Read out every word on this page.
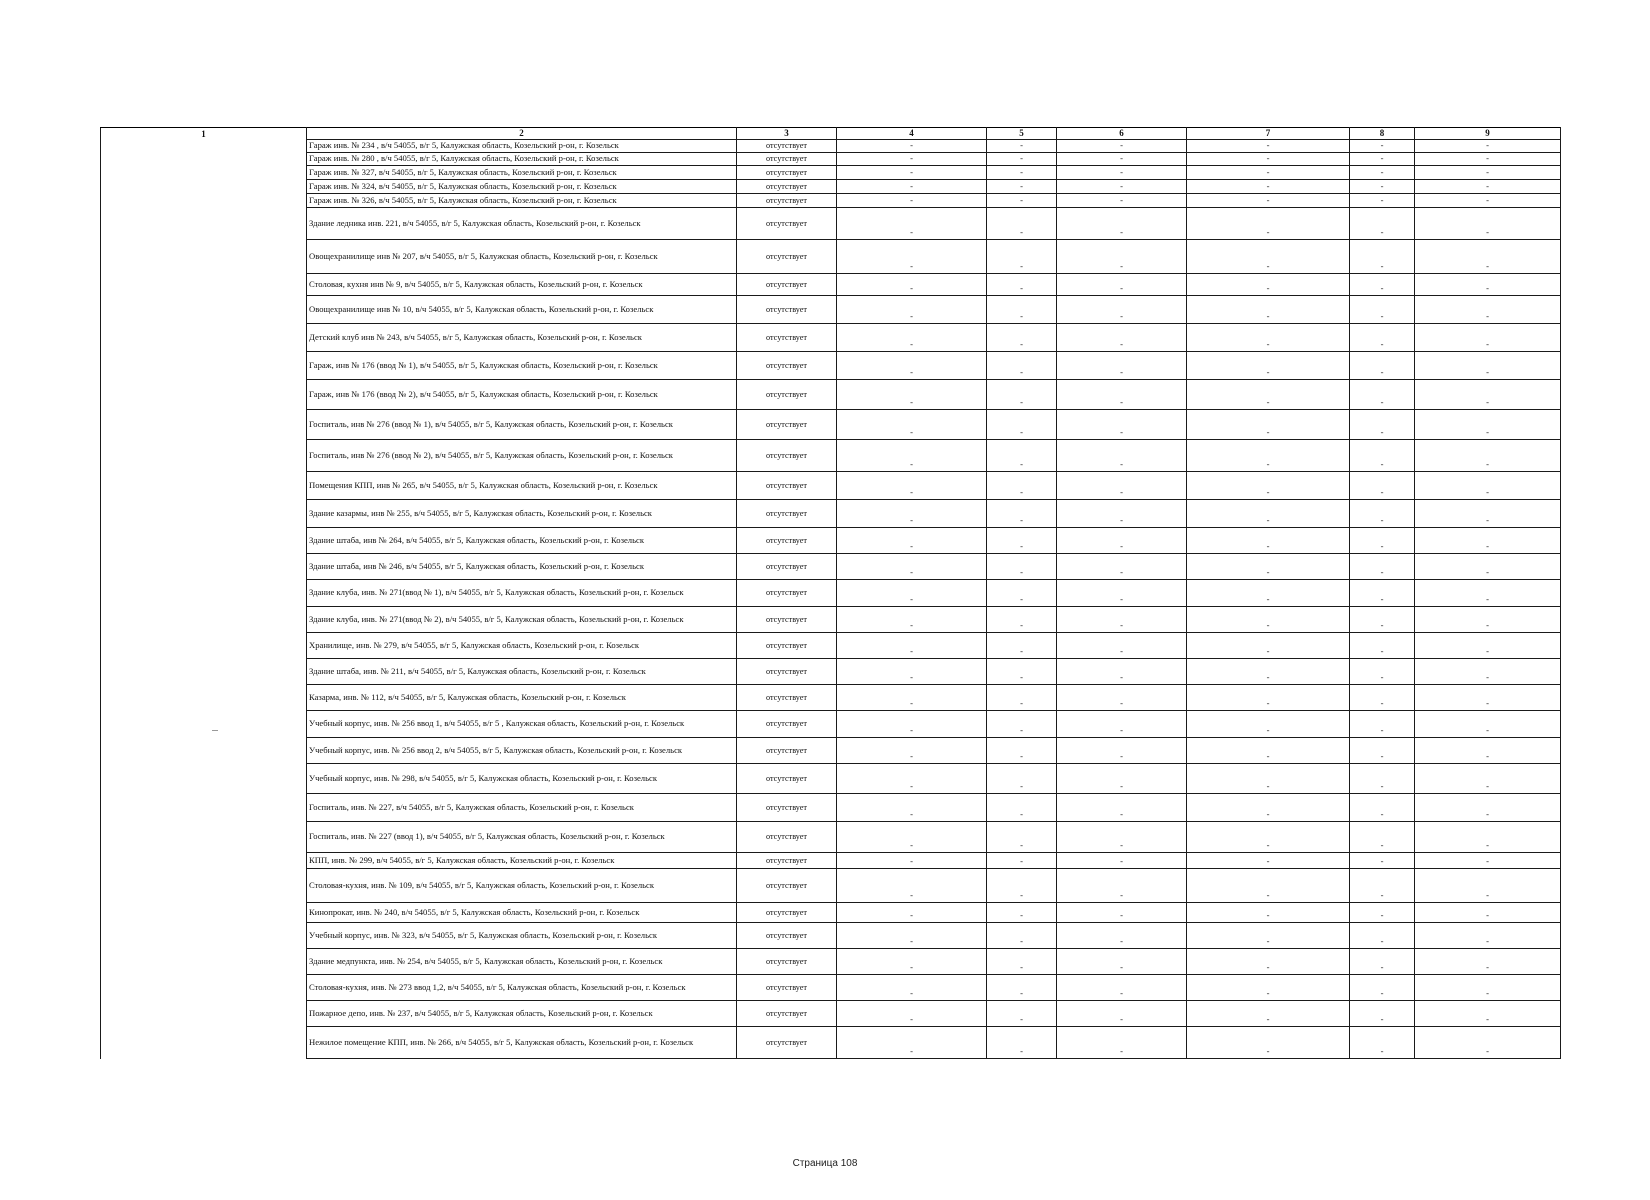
1	2	3	4	5	6	7	8	9
	Гараж инв. № 234 , в/ч 54055, в/г 5, Калужская область, Козельский р-он, г. Козельск	отсутствует	-	-	-	-	-	-
	Гараж инв. № 280 , в/ч 54055, в/г 5, Калужская область, Козельский р-он, г. Козельск	отсутствует	-	-	-	-	-	-
	Гараж инв. № 327, в/ч 54055, в/г 5, Калужская область, Козельский р-он, г. Козельск	отсутствует	-	-	-	-	-	-
	Гараж инв. № 324, в/ч 54055, в/г 5, Калужская область, Козельский р-он, г. Козельск	отсутствует	-	-	-	-	-	-
	Гараж инв. № 326, в/ч 54055, в/г 5, Калужская область, Козельский р-он, г. Козельск	отсутствует	-	-	-	-	-	-
	Здание ледника инв. 221, в/ч 54055, в/г 5, Калужская область, Козельский р-он, г. Козельск	отсутствует	-	-	-	-	-	-
	Овощехранилище инв № 207, в/ч 54055, в/г 5, Калужская область, Козельский р-он, г. Козельск	отсутствует	-	-	-	-	-	-
	Столовая, кухня инв № 9, в/ч 54055, в/г 5, Калужская область, Козельский р-он, г. Козельск	отсутствует	-	-	-	-	-	-
	Овощехранилище инв № 10, в/ч 54055, в/г 5, Калужская область, Козельский р-он, г. Козельск	отсутствует	-	-	-	-	-	-
	Детский клуб инв № 243, в/ч 54055, в/г 5, Калужская область, Козельский р-он, г. Козельск	отсутствует	-	-	-	-	-	-
	Гараж, инв № 176 (ввод № 1), в/ч 54055, в/г 5, Калужская область, Козельский р-он, г. Козельск	отсутствует	-	-	-	-	-	-
	Гараж, инв № 176 (ввод № 2), в/ч 54055, в/г 5, Калужская область, Козельский р-он, г. Козельск	отсутствует	-	-	-	-	-	-
	Госпиталь, инв № 276 (ввод № 1), в/ч 54055, в/г 5, Калужская область, Козельский р-он, г. Козельск	отсутствует	-	-	-	-	-	-
	Госпиталь, инв № 276 (ввод № 2), в/ч 54055, в/г 5, Калужская область, Козельский р-он, г. Козельск	отсутствует	-	-	-	-	-	-
	Помещения КПП, инв № 265, в/ч 54055, в/г 5, Калужская область, Козельский р-он, г. Козельск	отсутствует	-	-	-	-	-	-
	Здание казармы, инв № 255, в/ч 54055, в/г 5, Калужская область, Козельский р-он, г. Козельск	отсутствует	-	-	-	-	-	-
	Здание штаба, инв № 264, в/ч 54055, в/г 5, Калужская область, Козельский р-он, г. Козельск	отсутствует	-	-	-	-	-	-
	Здание штаба, инв № 246, в/ч 54055, в/г 5, Калужская область, Козельский р-он, г. Козельск	отсутствует	-	-	-	-	-	-
	Здание клуба, инв. № 271(ввод № 1), в/ч 54055, в/г 5, Калужская область, Козельский р-он, г. Козельск	отсутствует	-	-	-	-	-	-
	Здание клуба, инв. № 271(ввод № 2), в/ч 54055, в/г 5, Калужская область, Козельский р-он, г. Козельск	отсутствует	-	-	-	-	-	-
	Хранилище, инв. № 279, в/ч 54055, в/г 5, Калужская область, Козельский р-он, г. Козельск	отсутствует	-	-	-	-	-	-
	Здание штаба, инв. № 211, в/ч 54055, в/г 5, Калужская область, Козельский р-он, г. Козельск	отсутствует	-	-	-	-	-	-
	Казарма, инв. № 112, в/ч 54055, в/г 5, Калужская область, Козельский р-он, г. Козельск	отсутствует	-	-	-	-	-	-
	Учебный корпус, инв. № 256 ввод 1, в/ч 54055, в/г 5 , Калужская область, Козельский р-он, г. Козельск	отсутствует	-	-	-	-	-	-
	Учебный корпус, инв. № 256 ввод 2, в/ч 54055, в/г 5, Калужская область, Козельский р-он, г. Козельск	отсутствует	-	-	-	-	-	-
	Учебный корпус, инв. № 298, в/ч 54055, в/г 5, Калужская область, Козельский р-он, г. Козельск	отсутствует	-	-	-	-	-	-
	Госпиталь, инв. № 227, в/ч 54055, в/г 5, Калужская область, Козельский р-он, г. Козельск	отсутствует	-	-	-	-	-	-
	Госпиталь, инв. № 227 (ввод 1), в/ч 54055, в/г 5, Калужская область, Козельский р-он, г. Козельск	отсутствует	-	-	-	-	-	-
	КПП, инв. № 299, в/ч 54055, в/г 5, Калужская область, Козельский р-он, г. Козельск	отсутствует	-	-	-	-	-	-
	Столовая-кухня, инв. № 109, в/ч 54055, в/г 5, Калужская область, Козельский р-он, г. Козельск	отсутствует	-	-	-	-	-	-
	Кинопрокат, инв. № 240, в/ч 54055, в/г 5, Калужская область, Козельский р-он, г. Козельск	отсутствует	-	-	-	-	-	-
	Учебный корпус, инв. № 323, в/ч 54055, в/г 5, Калужская область, Козельский р-он, г. Козельск	отсутствует	-	-	-	-	-	-
	Здание медпункта, инв. № 254, в/ч 54055, в/г 5, Калужская область, Козельский р-он, г. Козельск	отсутствует	-	-	-	-	-	-
	Столовая-кухня, инв. № 273 ввод 1,2, в/ч 54055, в/г 5, Калужская область, Козельский р-он, г. Козельск	отсутствует	-	-	-	-	-	-
	Пожарное депо, инв. № 237, в/ч 54055, в/г 5, Калужская область, Козельский р-он, г. Козельск	отсутствует	-	-	-	-	-	-
	Нежилое помещение КПП, инв. № 266, в/ч 54055, в/г 5, Калужская область, Козельский р-он, г. Козельск	отсутствует	-	-	-	-	-	-
Страница 108
